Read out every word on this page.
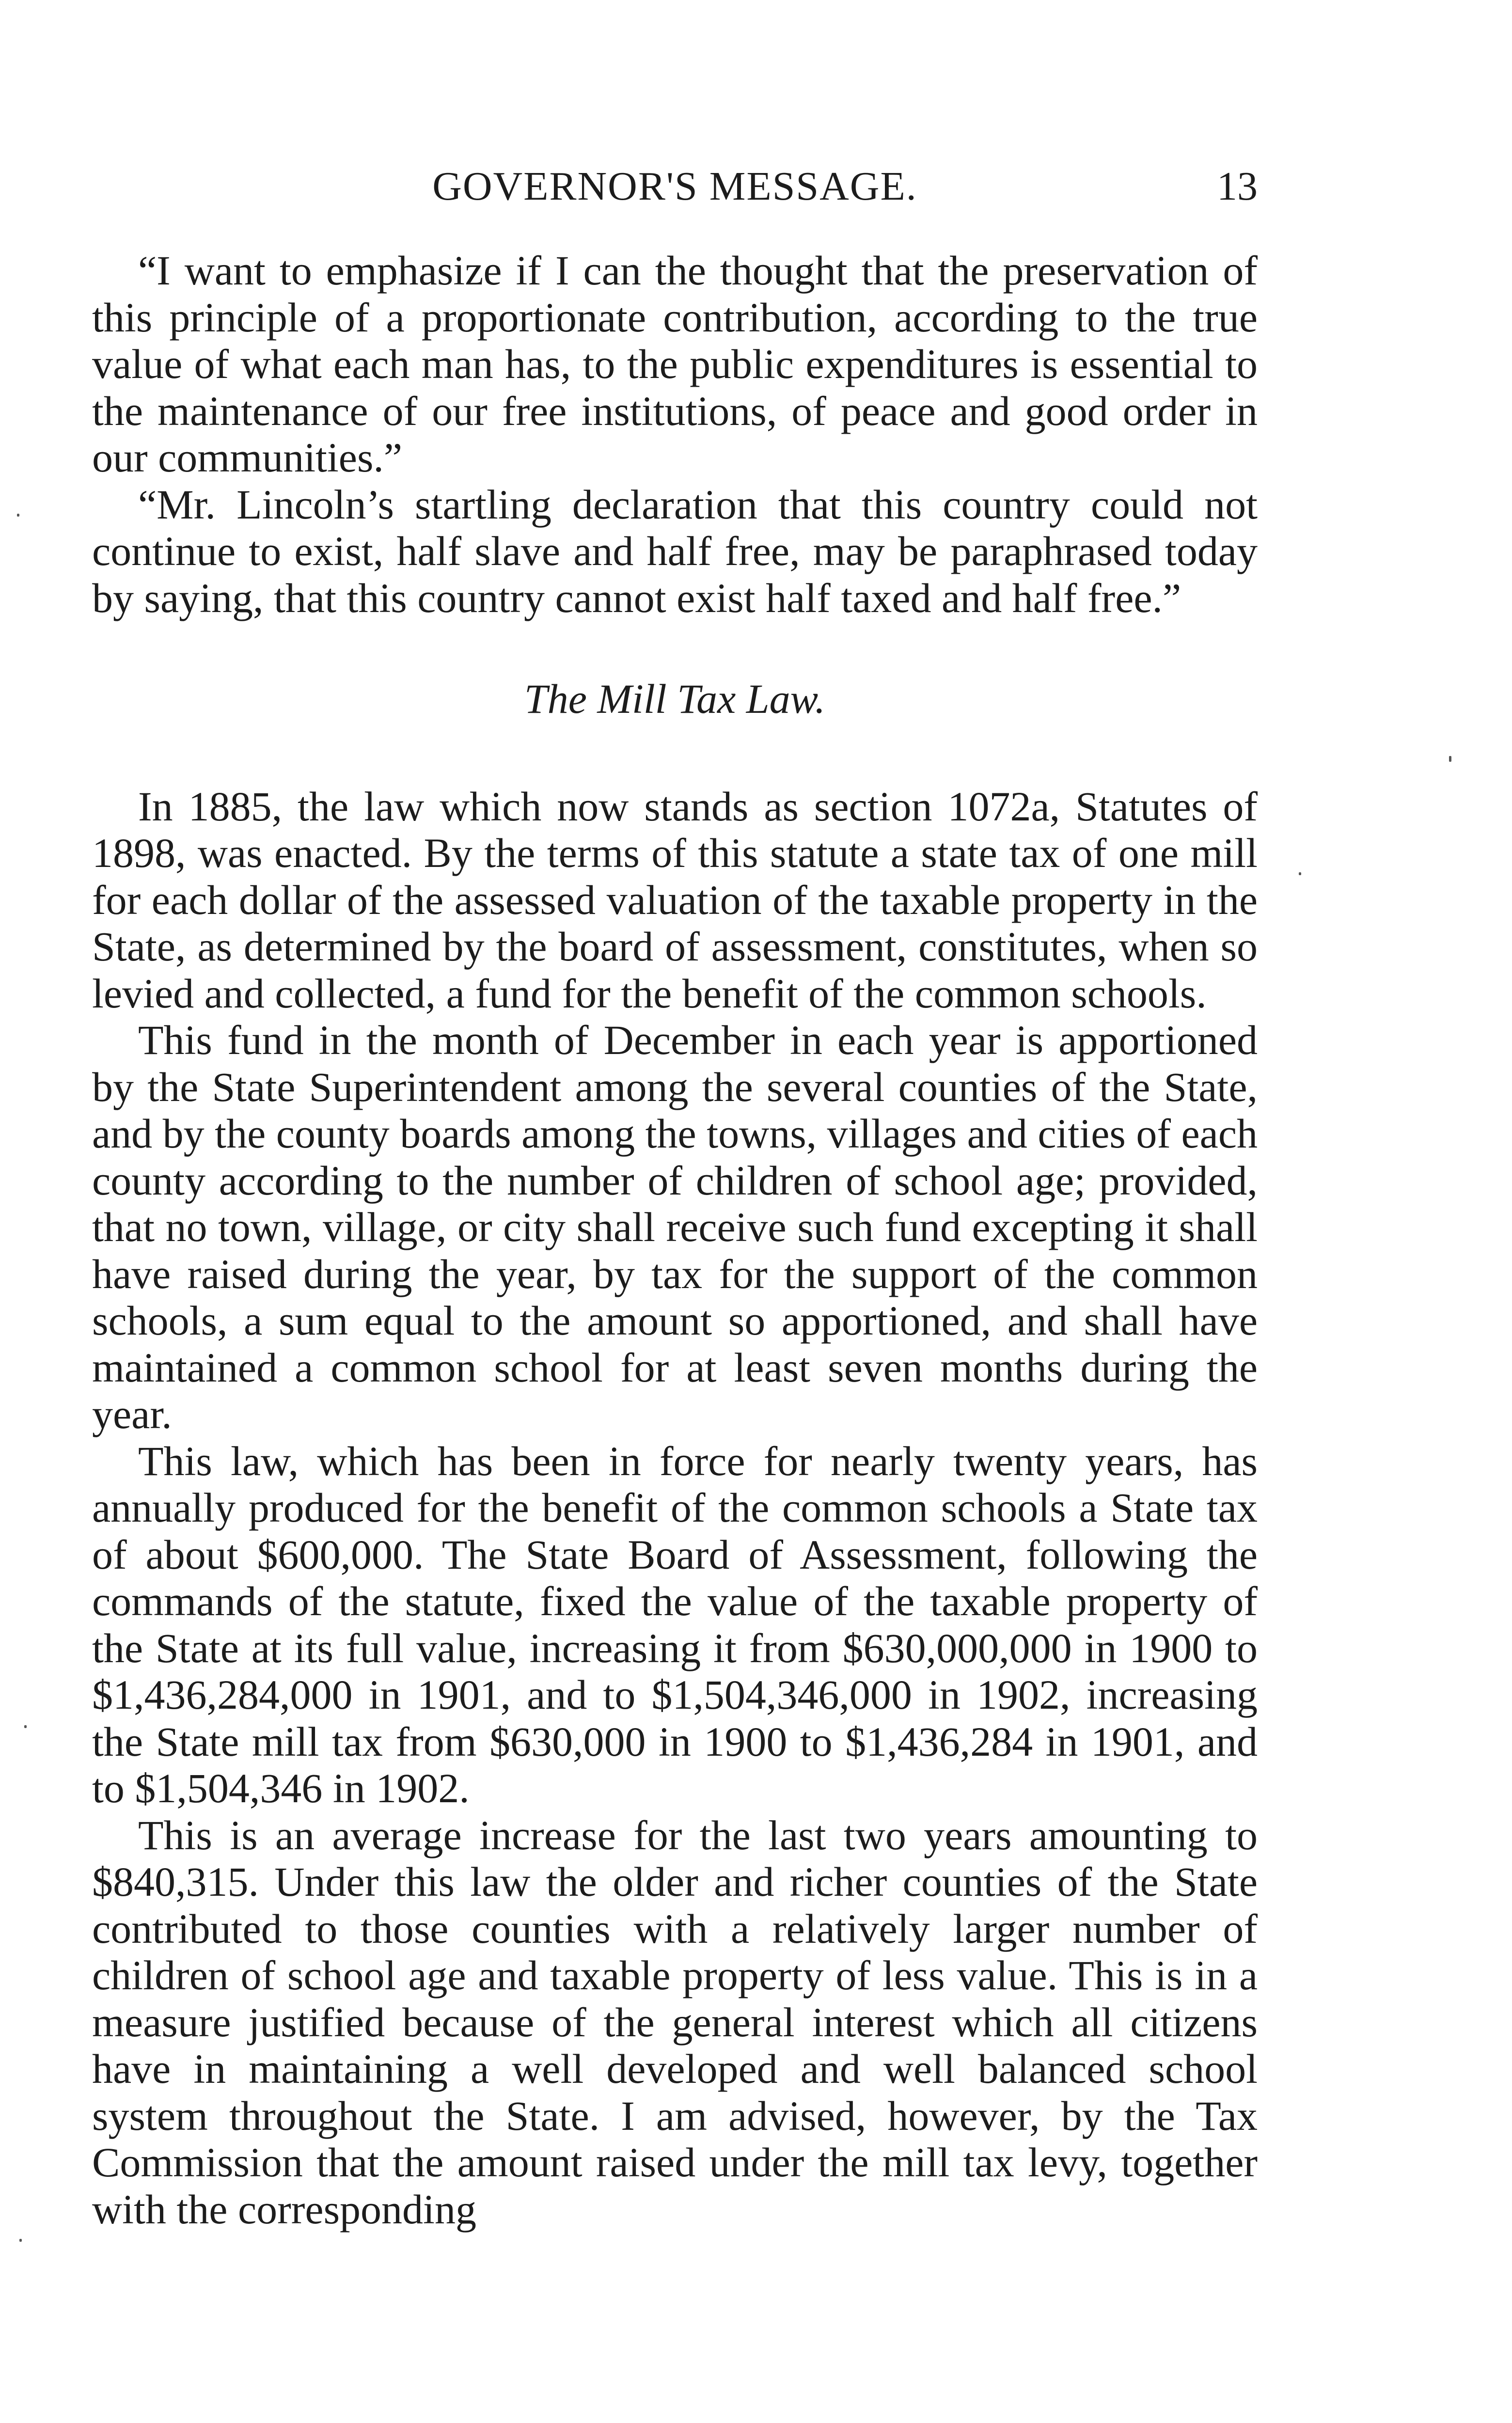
GOVERNOR'S MESSAGE.	13

“I want to emphasize if I can the thought that the preservation of this principle of a proportionate contribution, according to the true value of what each man has, to the public expenditures is essential to the maintenance of our free institutions, of peace and good order in our communities.”

“Mr. Lincoln’s startling declaration that this country could not continue to exist, half slave and half free, may be paraphrased today by saying, that this country cannot exist half taxed and half free.”

The Mill Tax Law.

In 1885, the law which now stands as section 1072a, Statutes of 1898, was enacted. By the terms of this statute a state tax of one mill for each dollar of the assessed valuation of the taxable property in the State, as determined by the board of assessment, constitutes, when so levied and collected, a fund for the benefit of the common schools.

This fund in the month of December in each year is apportioned by the State Superintendent among the several counties of the State, and by the county boards among the towns, villages and cities of each county according to the number of children of school age; provided, that no town, village, or city shall receive such fund excepting it shall have raised during the year, by tax for the support of the common schools, a sum equal to the amount so apportioned, and shall have maintained a common school for at least seven months during the year.

This law, which has been in force for nearly twenty years, has annually produced for the benefit of the common schools a State tax of about $600,000. The State Board of Assessment, following the commands of the statute, fixed the value of the taxable property of the State at its full value, increasing it from $630,000,000 in 1900 to $1,436,284,000 in 1901, and to $1,504,346,000 in 1902, increasing the State mill tax from $630,000 in 1900 to $1,436,284 in 1901, and to $1,504,346 in 1902.

This is an average increase for the last two years amounting to $840,315. Under this law the older and richer counties of the State contributed to those counties with a relatively larger number of children of school age and taxable property of less value. This is in a measure justified because of the general interest which all citizens have in maintaining a well developed and well balanced school system throughout the State. I am advised, however, by the Tax Commission that the amount raised under the mill tax levy, together with the corresponding
